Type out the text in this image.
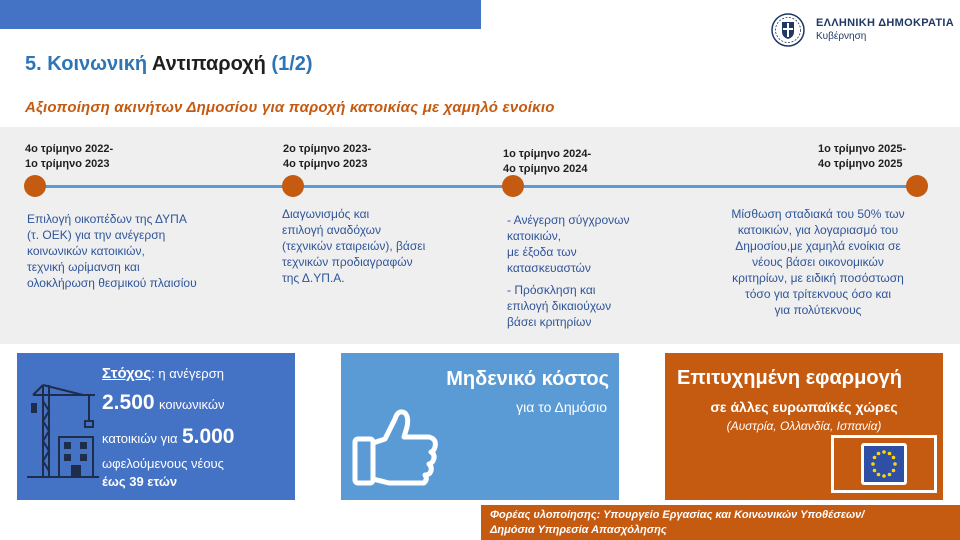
ΕΛΛΗΝΙΚΗ ΔΗΜΟΚΡΑΤΙΑ
Κυβέρνηση
5. Κοινωνική Αντιπαροχή (1/2)
Αξιοποίηση ακινήτων Δημοσίου για παροχή κατοικίας με χαμηλό ενοίκιο
4ο τρίμηνο 2022-
1ο τρίμηνο 2023
2ο τρίμηνο 2023-
4ο τρίμηνο 2023
1ο τρίμηνο 2024-
4ο τρίμηνο 2024
1ο τρίμηνο 2025-
4ο τρίμηνο 2025
Επιλογή οικοπέδων της ΔΥΠΑ
(τ. ΟΕΚ) για την ανέγερση
κοινωνικών κατοικιών,
τεχνική ωρίμανση και
ολοκλήρωση θεσμικού πλαισίου
Διαγωνισμός και
επιλογή αναδόχων
(τεχνικών εταιρειών), βάσει
τεχνικών προδιαγραφών
της Δ.ΥΠ.Α.
- Ανέγερση σύγχρονων
κατοικιών,
με έξοδα των
κατασκευαστών
- Πρόσκληση και
επιλογή δικαιούχων
βάσει κριτηρίων
Μίσθωση σταδιακά του 50% των
κατοικιών, για λογαριασμό του
Δημοσίου,με χαμηλά ενοίκια σε
νέους βάσει οικονομικών
κριτηρίων, με ειδική ποσόστωση
τόσο για τρίτεκνους όσο και
για πολύτεκνους
Στόχος: η ανέγερση
2.500 κοινωνικών
κατοικιών για 5.000
ωφελούμενους νέους
έως 39 ετών
Μηδενικό κόστος
για το Δημόσιο
Επιτυχημένη εφαρμογή
σε άλλες ευρωπαϊκές χώρες
(Αυστρία, Ολλανδία, Ισπανία)
Φορέας υλοποίησης: Υπουργείο Εργασίας και Κοινωνικών Υποθέσεων/
Δημόσια Υπηρεσία Απασχόλησης
